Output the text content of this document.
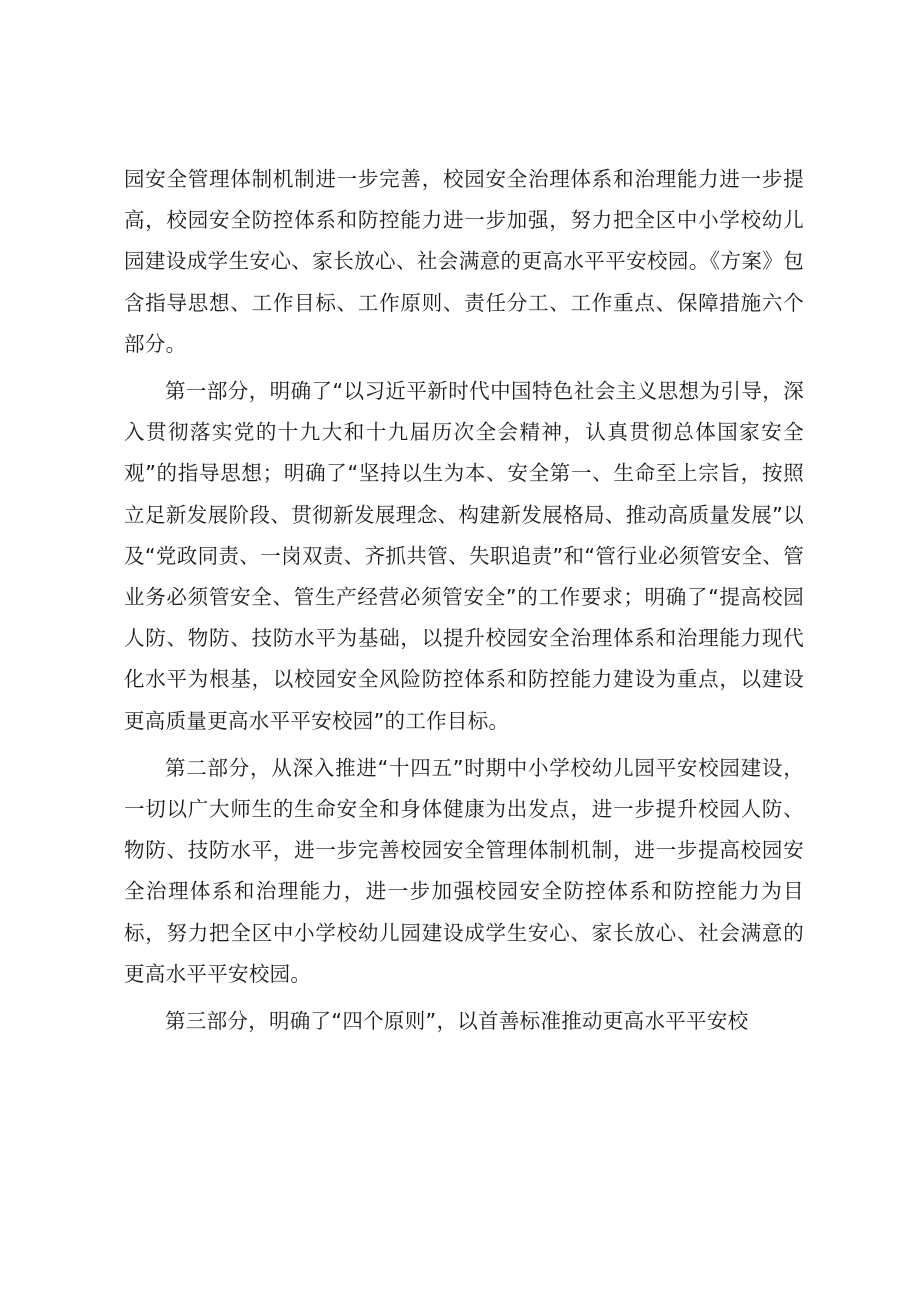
园安全管理体制机制进一步完善，校园安全治理体系和治理能力进一步提高，校园安全防控体系和防控能力进一步加强，努力把全区中小学校幼儿园建设成学生安心、家长放心、社会满意的更高水平平安校园。《方案》包含指导思想、工作目标、工作原则、责任分工、工作重点、保障措施六个部分。

第一部分，明确了“以习近平新时代中国特色社会主义思想为引导，深入贯彻落实党的十九大和十九届历次全会精神，认真贯彻总体国家安全观”的指导思想；明确了“坚持以生为本、安全第一、生命至上宗旨，按照立足新发展阶段、贯彻新发展理念、构建新发展格局、推动高质量发展”以及“党政同责、一岗双责、齐抓共管、失职追责”和“管行业必须管安全、管业务必须管安全、管生产经营必须管安全”的工作要求；明确了“提高校园人防、物防、技防水平为基础，以提升校园安全治理体系和治理能力现代化水平为根基，以校园安全风险防控体系和防控能力建设为重点，以建设更高质量更高水平平安校园”的工作目标。

第二部分，从深入推进“十四五”时期中小学校幼儿园平安校园建设，一切以广大师生的生命安全和身体健康为出发点，进一步提升校园人防、物防、技防水平，进一步完善校园安全管理体制机制，进一步提高校园安全治理体系和治理能力，进一步加强校园安全防控体系和防控能力为目标，努力把全区中小学校幼儿园建设成学生安心、家长放心、社会满意的更高水平平安校园。

第三部分，明确了“四个原则”，以首善标准推动更高水平平安校
